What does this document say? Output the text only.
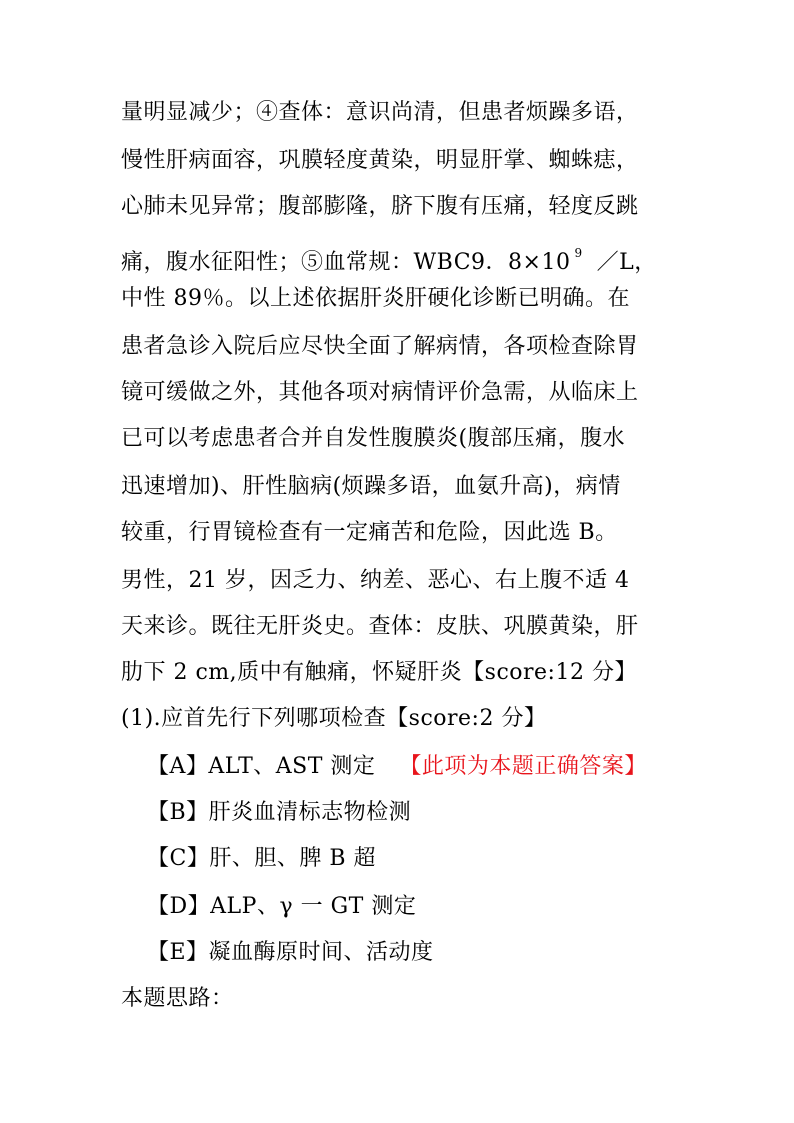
量明显减少；④查体：意识尚清，但患者烦躁多语，
慢性肝病面容，巩膜轻度黄染，明显肝掌、蜘蛛痣，
心肺未见异常；腹部膨隆，脐下腹有压痛，轻度反跳
痛，腹水征阳性；⑤血常规：WBC9．8×10 $^9$ ／L，
中性 89％。以上述依据肝炎肝硬化诊断已明确。在
患者急诊入院后应尽快全面了解病情，各项检查除胃
镜可缓做之外，其他各项对病情评价急需，从临床上
已可以考虑患者合并自发性腹膜炎(腹部压痛，腹水
迅速增加)、肝性脑病(烦躁多语，血氨升高)，病情
较重，行胃镜检查有一定痛苦和危险，因此选 B。
男性，21 岁，因乏力、纳差、恶心、右上腹不适 4
天来诊。既往无肝炎史。查体：皮肤、巩膜黄染，肝
肋下 2 cm,质中有触痛，怀疑肝炎【score:12 分】
(1).应首先行下列哪项检查【score:2 分】
【A】ALT、AST 测定 【此项为本题正确答案】
【B】肝炎血清标志物检测
【C】肝、胆、脾 B 超
【D】ALP、γ 一 GT 测定
【E】凝血酶原时间、活动度
本题思路：
